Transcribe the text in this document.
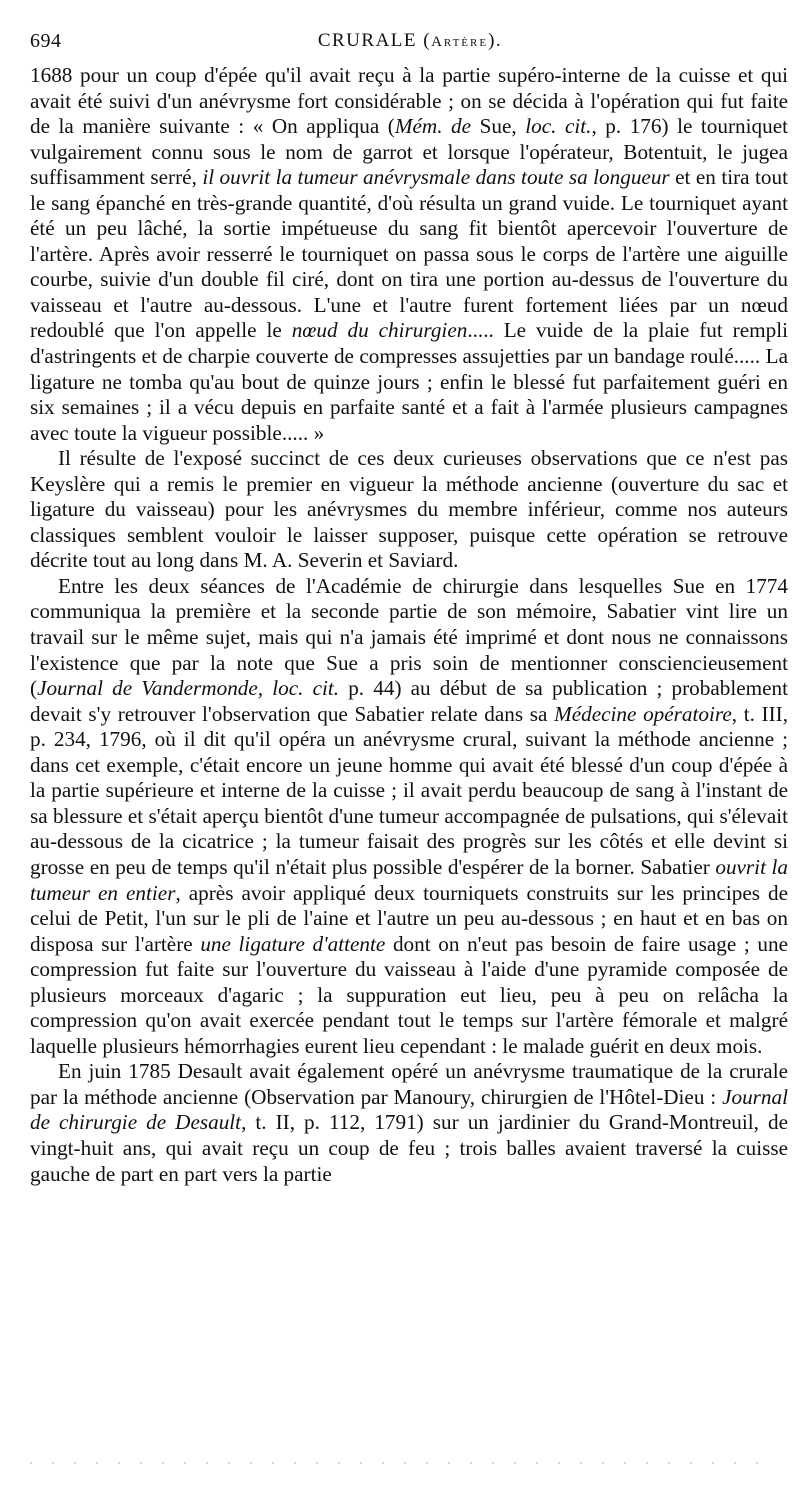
694	CRURALE (Artère).

1688 pour un coup d'épée qu'il avait reçu à la partie supéro-interne de la cuisse et qui avait été suivi d'un anévrysme fort considérable ; on se décida à l'opération qui fut faite de la manière suivante : « On appliqua (Mém. de Sue, loc. cit., p. 176) le tourniquet vulgairement connu sous le nom de garrot et lorsque l'opérateur, Botentuit, le jugea suffisamment serré, il ouvrit la tumeur anévrysmale dans toute sa longueur et en tira tout le sang épanché en très-grande quantité, d'où résulta un grand vuide. Le tourniquet ayant été un peu lâché, la sortie impétueuse du sang fit bientôt apercevoir l'ouverture de l'artère. Après avoir resserré le tourniquet on passa sous le corps de l'artère une aiguille courbe, suivie d'un double fil ciré, dont on tira une portion au-dessus de l'ouverture du vaisseau et l'autre au-dessous. L'une et l'autre furent fortement liées par un nœud redoublé que l'on appelle le nœud du chirurgien..... Le vuide de la plaie fut rempli d'astringents et de charpie couverte de compresses assujetties par un bandage roulé..... La ligature ne tomba qu'au bout de quinze jours ; enfin le blessé fut parfaitement guéri en six semaines ; il a vécu depuis en parfaite santé et a fait à l'armée plusieurs campagnes avec toute la vigueur possible..... »

Il résulte de l'exposé succinct de ces deux curieuses observations que ce n'est pas Keyslère qui a remis le premier en vigueur la méthode ancienne (ouverture du sac et ligature du vaisseau) pour les anévrysmes du membre inférieur, comme nos auteurs classiques semblent vouloir le laisser supposer, puisque cette opération se retrouve décrite tout au long dans M. A. Severin et Saviard.

Entre les deux séances de l'Académie de chirurgie dans lesquelles Sue en 1774 communiqua la première et la seconde partie de son mémoire, Sabatier vint lire un travail sur le même sujet, mais qui n'a jamais été imprimé et dont nous ne connaissons l'existence que par la note que Sue a pris soin de mentionner consciencieusement (Journal de Vandermonde, loc. cit. p. 44) au début de sa publication ; probablement devait s'y retrouver l'observation que Sabatier relate dans sa Médecine opératoire, t. III, p. 234, 1796, où il dit qu'il opéra un anévrysme crural, suivant la méthode ancienne ; dans cet exemple, c'était encore un jeune homme qui avait été blessé d'un coup d'épée à la partie supérieure et interne de la cuisse ; il avait perdu beaucoup de sang à l'instant de sa blessure et s'était aperçu bientôt d'une tumeur accompagnée de pulsations, qui s'élevait au-dessous de la cicatrice ; la tumeur faisait des progrès sur les côtés et elle devint si grosse en peu de temps qu'il n'était plus possible d'espérer de la borner. Sabatier ouvrit la tumeur en entier, après avoir appliqué deux tourniquets construits sur les principes de celui de Petit, l'un sur le pli de l'aine et l'autre un peu au-dessous ; en haut et en bas on disposa sur l'artère une ligature d'attente dont on n'eut pas besoin de faire usage ; une compression fut faite sur l'ouverture du vaisseau à l'aide d'une pyramide composée de plusieurs morceaux d'agaric ; la suppuration eut lieu, peu à peu on relâcha la compression qu'on avait exercée pendant tout le temps sur l'artère fémorale et malgré laquelle plusieurs hémorrhagies eurent lieu cependant : le malade guérit en deux mois.

En juin 1785 Desault avait également opéré un anévrysme traumatique de la crurale par la méthode ancienne (Observation par Manoury, chirurgien de l'Hôtel-Dieu : Journal de chirurgie de Desault, t. II, p. 112, 1791) sur un jardinier du Grand-Montreuil, de vingt-huit ans, qui avait reçu un coup de feu ; trois balles avaient traversé la cuisse gauche de part en part vers la partie
